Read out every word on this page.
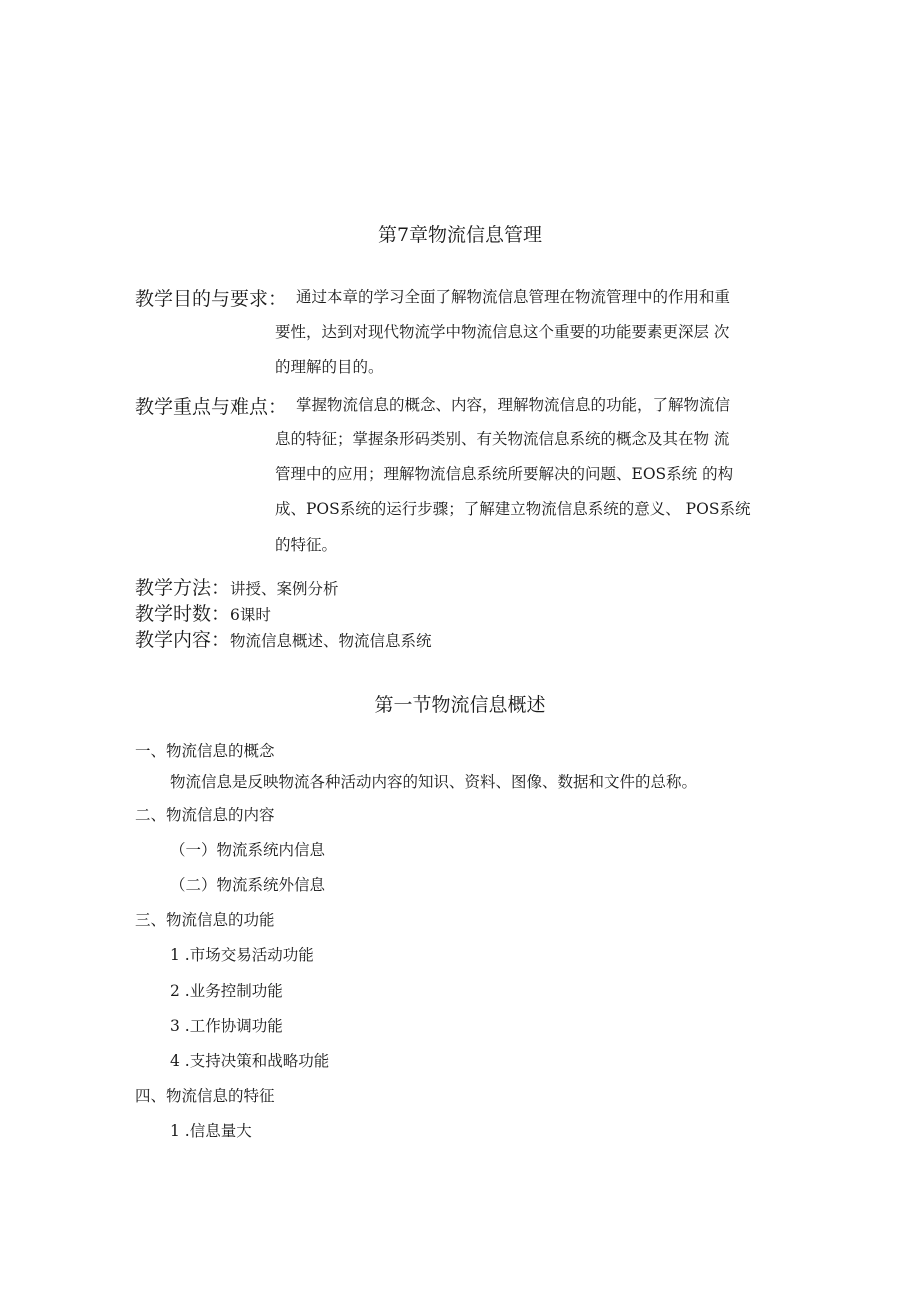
第7章物流信息管理
教学目的与要求： 通过本章的学习全面了解物流信息管理在物流管理中的作用和重
要性，达到对现代物流学中物流信息这个重要的功能要素更深层 次
的理解的目的。
教学重点与难点： 掌握物流信息的概念、内容，理解物流信息的功能，了解物流信
息的特征；掌握条形码类别、有关物流信息系统的概念及其在物 流
管理中的应用；理解物流信息系统所要解决的问题、EOS系统 的构
成、POS系统的运行步骤；了解建立物流信息系统的意义、 POS系统
的特征。
教学方法：讲授、案例分析
教学时数：6课时
教学内容：物流信息概述、物流信息系统
第一节物流信息概述
一、物流信息的概念
物流信息是反映物流各种活动内容的知识、资料、图像、数据和文件的总称。
二、物流信息的内容
（一）物流系统内信息
（二）物流系统外信息
三、物流信息的功能
1 .市场交易活动功能
2 .业务控制功能
3 .工作协调功能
4 .支持决策和战略功能
四、物流信息的特征
1 .信息量大
